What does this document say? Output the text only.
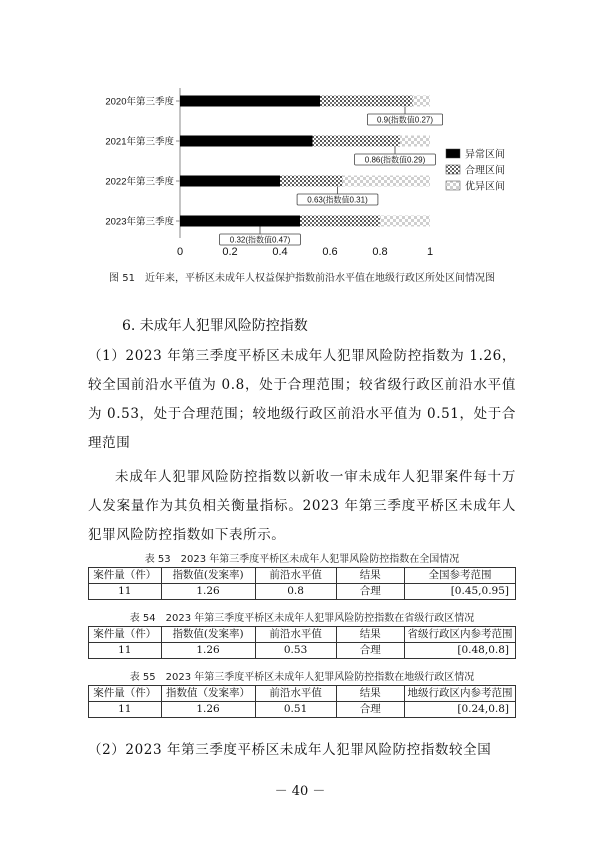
2020年第三季度
2021年第三季度
2022年第三季度
2023年第三季度
0	0.2	0.4	0.6	0.8	1
0.9(指数值0.27)
0.86(指数值0.29)
0.63(指数值0.31)
0.32(指数值0.47)
异常区间
合理区间
优异区间
图 51　近年来，平桥区未成年人权益保护指数前沿水平值在地级行政区所处区间情况图
6. 未成年人犯罪风险防控指数
（1）2023 年第三季度平桥区未成年人犯罪风险防控指数为 1.26，较全国前沿水平值为 0.8，处于合理范围；较省级行政区前沿水平值为 0.53，处于合理范围；较地级行政区前沿水平值为 0.51，处于合理范围
未成年人犯罪风险防控指数以新收一审未成年人犯罪案件每十万人发案量作为其负相关衡量指标。2023 年第三季度平桥区未成年人犯罪风险防控指数如下表所示。
表 53　2023 年第三季度平桥区未成年人犯罪风险防控指数在全国情况
案件量（件）	指数值(发案率)	前沿水平值	结果	全国参考范围
11	1.26	0.8	合理	[0.45,0.95]
表 54　2023 年第三季度平桥区未成年人犯罪风险防控指数在省级行政区情况
案件量（件）	指数值(发案率)	前沿水平值	结果	省级行政区内参考范围
11	1.26	0.53	合理	[0.48,0.8]
表 55　2023 年第三季度平桥区未成年人犯罪风险防控指数在地级行政区情况
案件量（件）	指数值（发案率）	前沿水平值	结果	地级行政区内参考范围
11	1.26	0.51	合理	[0.24,0.8]
（2）2023 年第三季度平桥区未成年人犯罪风险防控指数较全国
－ 40 －
